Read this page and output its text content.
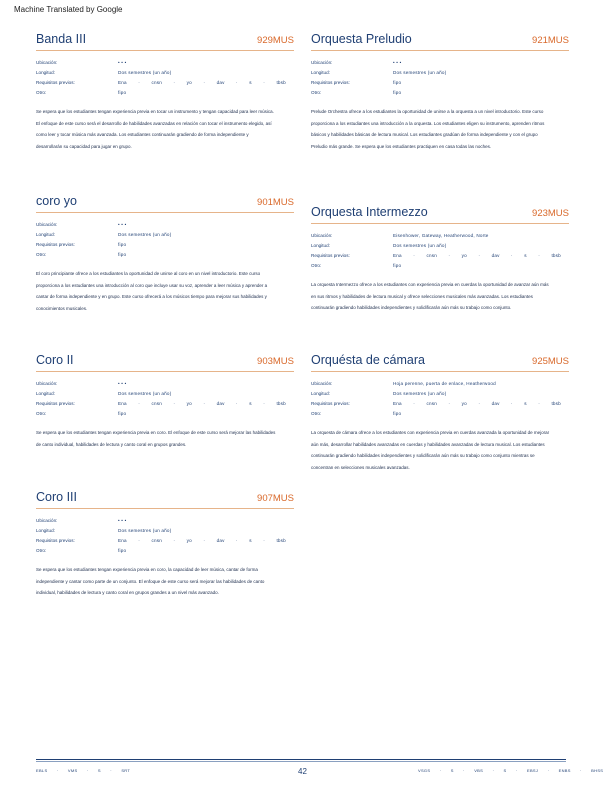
Machine Translated by Google
Banda III	929MUS
Ubicación:	• • •
Longitud:	Dos semestres (un año)
Requisitos previos:	Ena · cnsn · yo · dav · s · tbsb
Otro:	fipo
Se espera que los estudiantes tengan experiencia previa en tocar un instrumento y tengan capacidad para leer música. El enfoque de este curso será el desarrollo de habilidades avanzadas en relación con tocar el instrumento elegido, así como leer y tocar música más avanzada. Los estudiantes continuarán gradiendo de forma independiente y desarrollarán su capacidad para jugar en grupo.
coro yo	901MUS
Ubicación:	• • •
Longitud:	Dos semestres (un año)
Requisitos previos:	fipo
Otro:	fipo
El coro principiante ofrece a los estudiantes la oportunidad de unirse al coro en un nivel introductorio. Este curso proporciona a los estudiantes una introducción al coro que incluye usar su voz, aprender a leer música y aprender a cantar de forma independiente y en grupo. Este curso ofrecerá a los músicos tiempo para mejorar sus habilidades y conocimientos musicales.
Coro II	903MUS
Ubicación:	• • •
Longitud:	Dos semestres (un año)
Requisitos previos:	Ena · cnsn · yo · dav · s · tbsb
Otro:	fipo
Se espera que los estudiantes tengan experiencia previa en coro. El enfoque de este curso será mejorar las habilidades de canto individual, habilidades de lectura y canto coral en grupos grandes.
Coro III	907MUS
Ubicación:	• • •
Longitud:	Dos semestres (un año)
Requisitos previos:	Ena · cnsn · yo · dav · s · tbsb
Otro:	fipo
Se espera que los estudiantes tengan experiencia previa en coro, la capacidad de leer música, cantar de forma independiente y cantar como parte de un conjunto. El enfoque de este curso será mejorar las habilidades de canto individual, habilidades de lectura y canto coral en grupos grandes a un nivel más avanzado.
Orquesta Preludio	921MUS
Ubicación:	• • •
Longitud:	Dos semestres (un año)
Requisitos previos:	fipo
Otro:	fipo
Prelude Orchestra ofrece a los estudiantes la oportunidad de unirse a la orquesta a un nivel introductorio. Este curso proporciona a los estudiantes una introducción a la orquesta. Los estudiantes eligen su instrumento, aprenden ritmos básicos y habilidades básicas de lectura musical. Los estudiantes gradúan de forma independiente y con el grupo Preludio más grande. Se espera que los estudiantes practiquen en casa todas las noches.
Orquesta Intermezzo	923MUS
Ubicación:	Eisenhower, Gateway, Heatherwood, Norte
Longitud:	Dos semestres (un año)
Requisitos previos:	Ena · cnsn · yo · dav · s · tbsb
Otro:	fipo
La orquesta Intermezzo ofrece a los estudiantes con experiencia previa en cuerdas la oportunidad de avanzar aún más en sus ritmos y habilidades de lectura musical y ofrece selecciones musicales más avanzadas. Los estudiantes continuarán gradiendo habilidades independientes y solidificarán aún más su trabajo como conjunto.
Orquésta de cámara	925MUS
Ubicación:	Hoja perenne, puerta de enlace, Heatherwood
Longitud:	Dos semestres (un año)
Requisitos previos:	Ena · cnsn · yo · dav · s · tbsb
Otro:	fipo
La orquesta de cámara ofrece a los estudiantes con experiencia previa en cuerdas avanzada la oportunidad de mejorar aún más, desarrollar habilidades avanzadas en cuerdas y habilidades avanzadas de lectura musical. Los estudiantes continuarán gradiendo habilidades independientes y solidificarán aún más su trabajo como conjunto mientras se concentran en selecciones musicales avanzadas.
EBLS · VMS · S · SRT	42	VSGS · S · VBS · S · EBSJ · ENBS · BHSS
